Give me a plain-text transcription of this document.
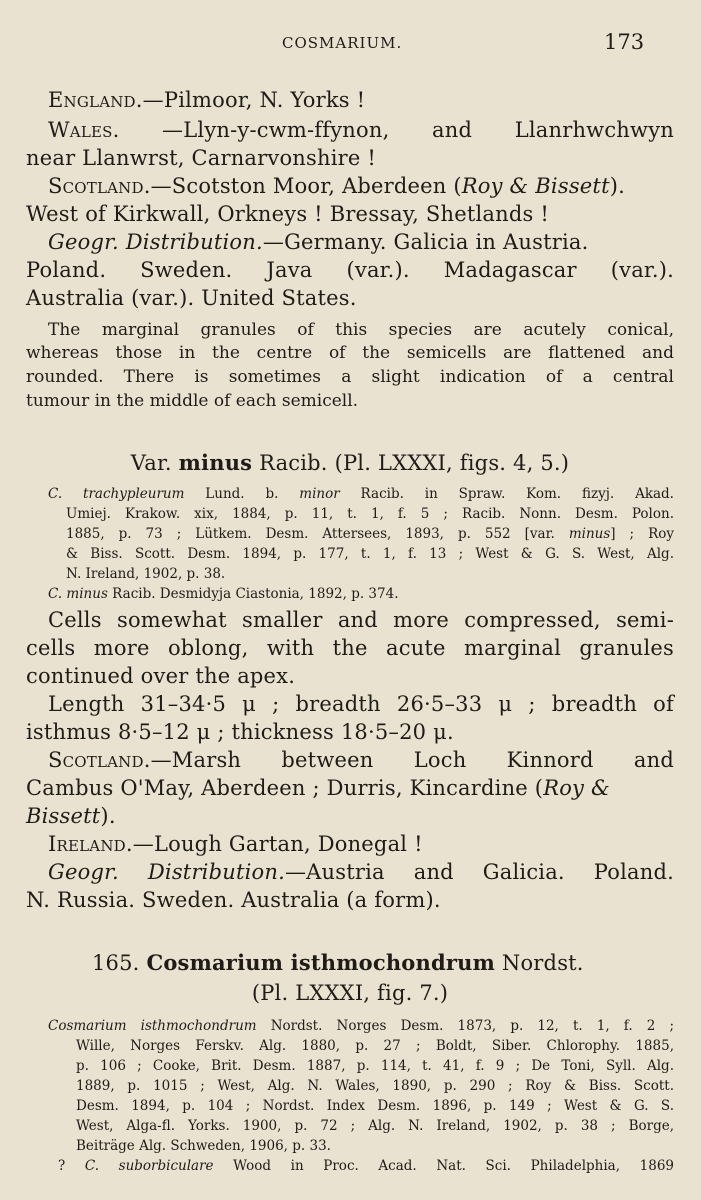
COSMARIUM.	173
England.—Pilmoor, N. Yorks !
Wales. —Llyn-y-cwm-ffynon, and Llanrhwchwyn
near Llanwrst, Carnarvonshire !
Scotland.—Scotston Moor, Aberdeen (Roy & Bissett).
West of Kirkwall, Orkneys ! Bressay, Shetlands !
Geogr. Distribution.—Germany. Galicia in Austria.
Poland. Sweden. Java (var.). Madagascar (var.).
Australia (var.). United States.
The marginal granules of this species are acutely conical,
whereas those in the centre of the semicells are flattened and
rounded. There is sometimes a slight indication of a central
tumour in the middle of each semicell.
Var. minus Racib. (Pl. LXXXI, figs. 4, 5.)
C. trachypleurum Lund. b. minor Racib. in Spraw. Kom. fizyj. Akad.
Umiej. Krakow. xix, 1884, p. 11, t. 1, f. 5 ; Racib. Nonn. Desm. Polon.
1885, p. 73 ; Lütkem. Desm. Attersees, 1893, p. 552 [var. minus] ; Roy
& Biss. Scott. Desm. 1894, p. 177, t. 1, f. 13 ; West & G. S. West, Alg.
N. Ireland, 1902, p. 38.
C. minus Racib. Desmidyja Ciastonia, 1892, p. 374.
Cells somewhat smaller and more compressed, semi-
cells more oblong, with the acute marginal granules
continued over the apex.
Length 31–34·5 μ ; breadth 26·5–33 μ ; breadth of
isthmus 8·5–12 μ ; thickness 18·5–20 μ.
Scotland.—Marsh between Loch Kinnord and
Cambus O'May, Aberdeen ; Durris, Kincardine (Roy &
Bissett).
Ireland.—Lough Gartan, Donegal !
Geogr. Distribution.—Austria and Galicia. Poland.
N. Russia. Sweden. Australia (a form).
165. Cosmarium isthmochondrum Nordst.
(Pl. LXXXI, fig. 7.)
Cosmarium isthmochondrum Nordst. Norges Desm. 1873, p. 12, t. 1, f. 2 ;
Wille, Norges Ferskv. Alg. 1880, p. 27 ; Boldt, Siber. Chlorophy. 1885,
p. 106 ; Cooke, Brit. Desm. 1887, p. 114, t. 41, f. 9 ; De Toni, Syll. Alg.
1889, p. 1015 ; West, Alg. N. Wales, 1890, p. 290 ; Roy & Biss. Scott.
Desm. 1894, p. 104 ; Nordst. Index Desm. 1896, p. 149 ; West & G. S.
West, Alga-fl. Yorks. 1900, p. 72 ; Alg. N. Ireland, 1902, p. 38 ; Borge,
Beiträge Alg. Schweden, 1906, p. 33.
? C. suborbiculare Wood in Proc. Acad. Nat. Sci. Philadelphia, 1869
